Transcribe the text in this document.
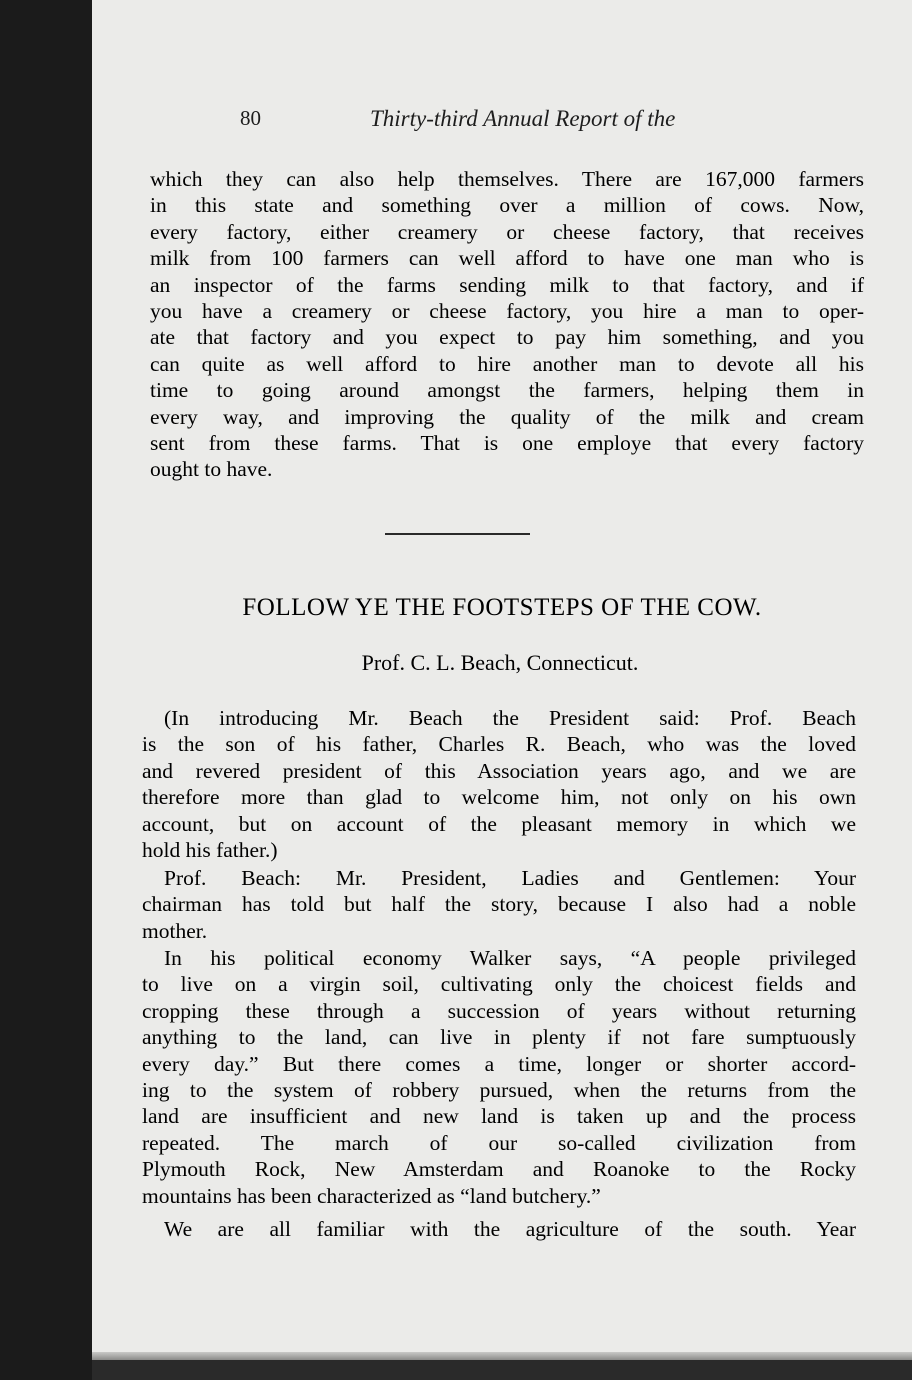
80	Thirty-third Annual Report of the

which they can also help themselves. There are 167,000 farmers
in this state and something over a million of cows. Now,
every factory, either creamery or cheese factory, that receives
milk from 100 farmers can well afford to have one man who is
an inspector of the farms sending milk to that factory, and if
you have a creamery or cheese factory, you hire a man to oper-
ate that factory and you expect to pay him something, and you
can quite as well afford to hire another man to devote all his
time to going around amongst the farmers, helping them in
every way, and improving the quality of the milk and cream
sent from these farms. That is one employe that every factory
ought to have.

FOLLOW YE THE FOOTSTEPS OF THE COW.
Prof. C. L. Beach, Connecticut.

(In introducing Mr. Beach the President said: Prof. Beach
is the son of his father, Charles R. Beach, who was the loved
and revered president of this Association years ago, and we are
therefore more than glad to welcome him, not only on his own
account, but on account of the pleasant memory in which we
hold his father.)

Prof. Beach: Mr. President, Ladies and Gentlemen: Your
chairman has told but half the story, because I also had a noble
mother.

In his political economy Walker says, “A people privileged
to live on a virgin soil, cultivating only the choicest fields and
cropping these through a succession of years without returning
anything to the land, can live in plenty if not fare sumptuously
every day.” But there comes a time, longer or shorter accord-
ing to the system of robbery pursued, when the returns from the
land are insufficient and new land is taken up and the process
repeated. The march of our so-called civilization from
Plymouth Rock, New Amsterdam and Roanoke to the Rocky
mountains has been characterized as “land butchery.”

We are all familiar with the agriculture of the south. Year
